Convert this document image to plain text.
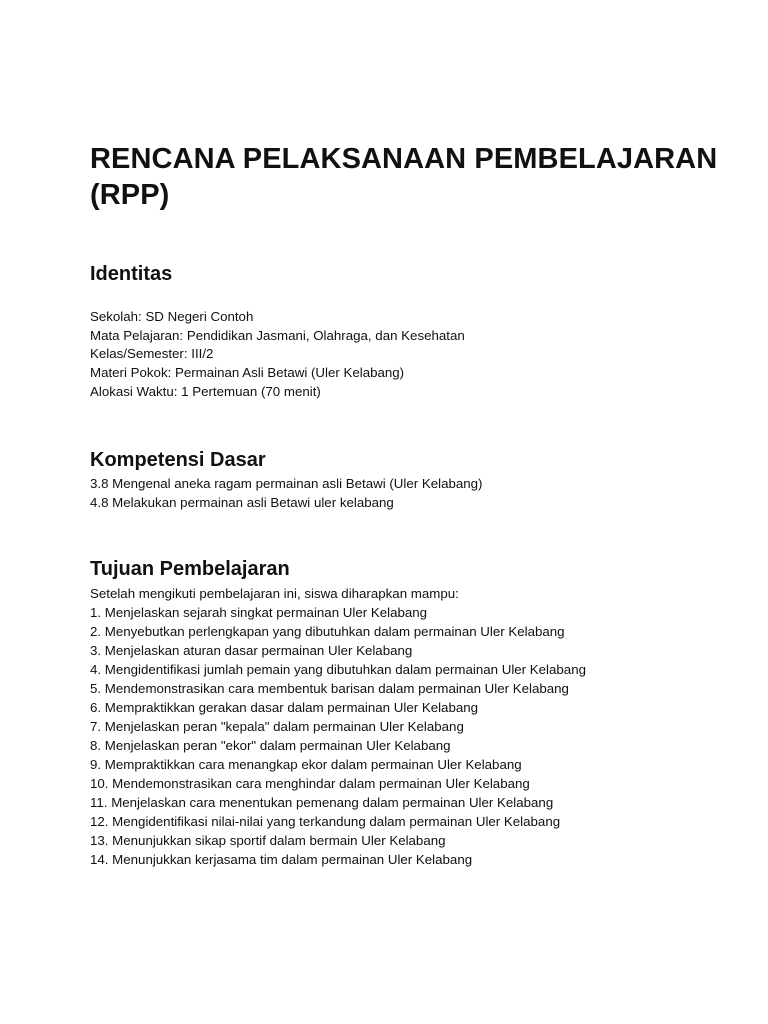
RENCANA PELAKSANAAN PEMBELAJARAN (RPP)
Identitas
Sekolah: SD Negeri Contoh
Mata Pelajaran: Pendidikan Jasmani, Olahraga, dan Kesehatan
Kelas/Semester: III/2
Materi Pokok: Permainan Asli Betawi (Uler Kelabang)
Alokasi Waktu: 1 Pertemuan (70 menit)
Kompetensi Dasar
3.8 Mengenal aneka ragam permainan asli Betawi (Uler Kelabang)
4.8 Melakukan permainan asli Betawi uler kelabang
Tujuan Pembelajaran
Setelah mengikuti pembelajaran ini, siswa diharapkan mampu:
1. Menjelaskan sejarah singkat permainan Uler Kelabang
2. Menyebutkan perlengkapan yang dibutuhkan dalam permainan Uler Kelabang
3. Menjelaskan aturan dasar permainan Uler Kelabang
4. Mengidentifikasi jumlah pemain yang dibutuhkan dalam permainan Uler Kelabang
5. Mendemonstrasikan cara membentuk barisan dalam permainan Uler Kelabang
6. Mempraktikkan gerakan dasar dalam permainan Uler Kelabang
7. Menjelaskan peran "kepala" dalam permainan Uler Kelabang
8. Menjelaskan peran "ekor" dalam permainan Uler Kelabang
9. Mempraktikkan cara menangkap ekor dalam permainan Uler Kelabang
10. Mendemonstrasikan cara menghindar dalam permainan Uler Kelabang
11. Menjelaskan cara menentukan pemenang dalam permainan Uler Kelabang
12. Mengidentifikasi nilai-nilai yang terkandung dalam permainan Uler Kelabang
13. Menunjukkan sikap sportif dalam bermain Uler Kelabang
14. Menunjukkan kerjasama tim dalam permainan Uler Kelabang
